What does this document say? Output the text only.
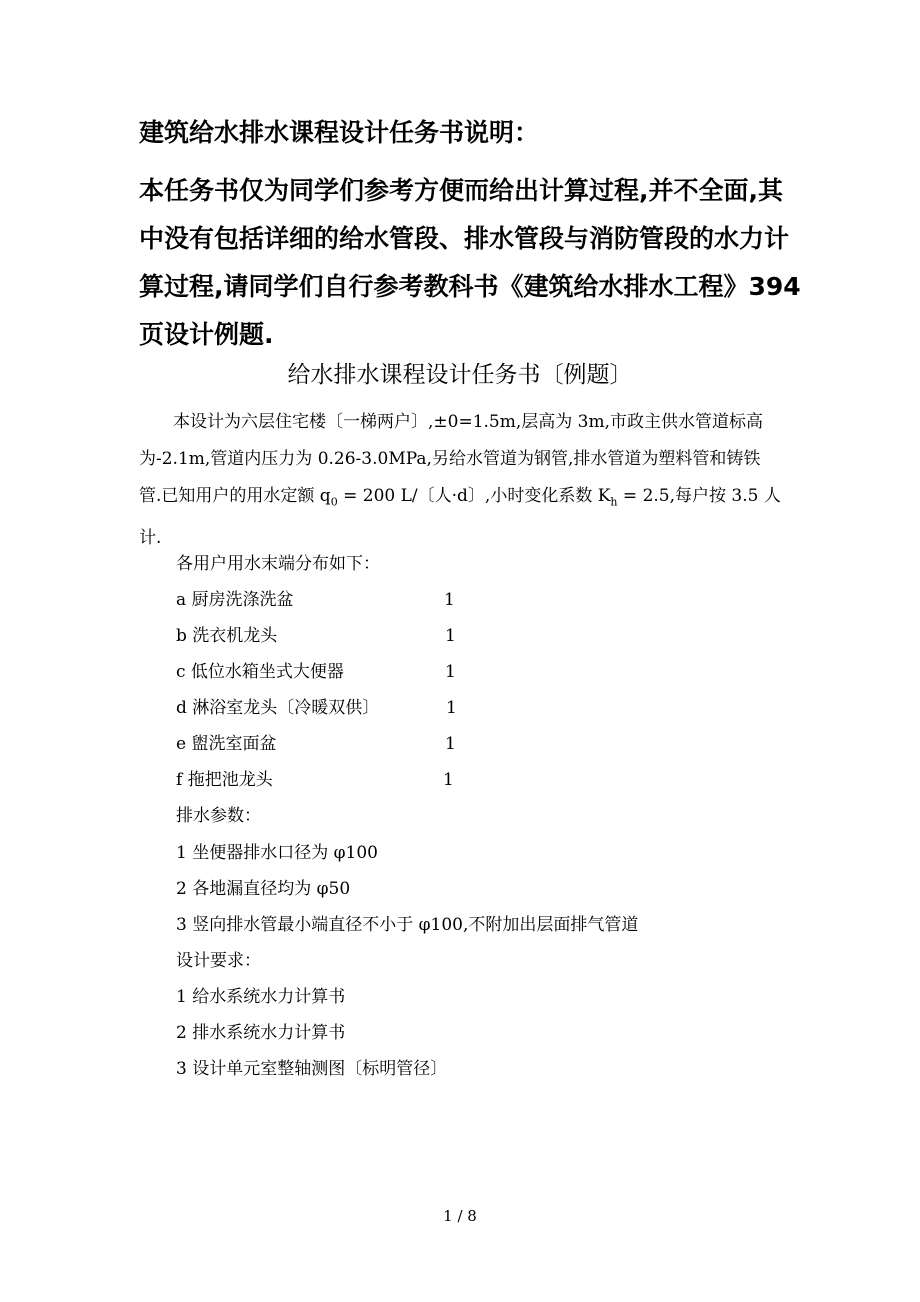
建筑给水排水课程设计任务书说明：

本任务书仅为同学们参考方便而给出计算过程,并不全面,其

中没有包括详细的给水管段、排水管段与消防管段的水力计

算过程,请同学们自行参考教科书《建筑给水排水工程》394

页设计例题.

给水排水课程设计任务书〔例题〕

本设计为六层住宅楼〔一梯两户〕,±0=1.5m,层高为 3m,市政主供水管道标高

为-2.1m,管道内压力为 0.26-3.0MPa,另给水管道为钢管,排水管道为塑料管和铸铁

管.已知用户的用水定额 $q_0 = 200$ L/〔人·d〕,小时变化系数 $K_h = 2.5$,每户按 3.5 人

计.

各用户用水末端分布如下：
a 厨房洗涤洗盆	1
b 洗衣机龙头	1
c 低位水箱坐式大便器	1
d 淋浴室龙头〔冷暖双供〕	1
e 盥洗室面盆	1
f 拖把池龙头	1
排水参数：
1 坐便器排水口径为 φ100
2 各地漏直径均为 φ50
3 竖向排水管最小端直径不小于 φ100,不附加出层面排气管道
设计要求：
1 给水系统水力计算书
2 排水系统水力计算书
3 设计单元室整轴测图〔标明管径〕
1 / 8
